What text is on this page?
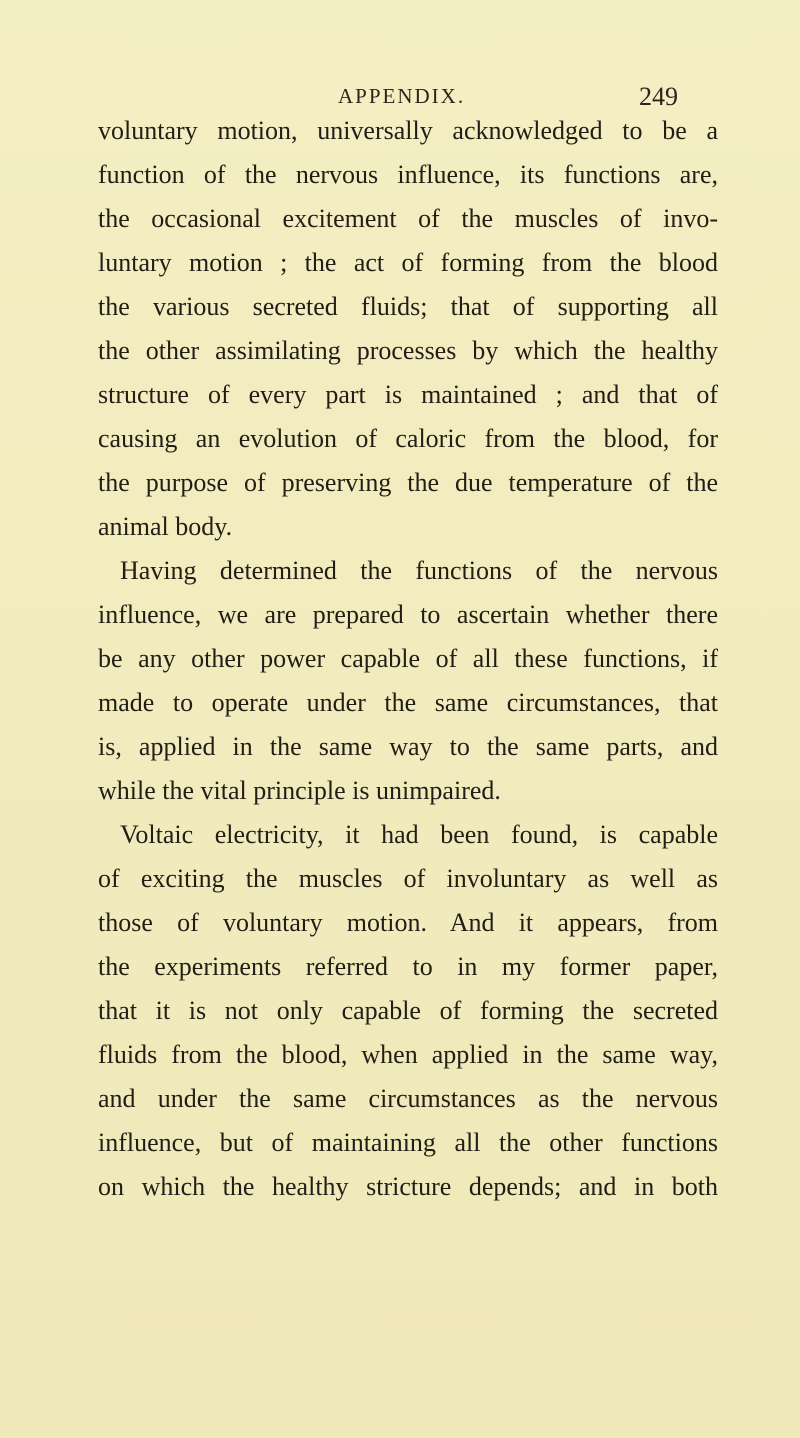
APPENDIX.	249
voluntary motion, universally acknowledged to be a
function of the nervous influence, its functions are,
the occasional excitement of the muscles of invo-
luntary motion ; the act of forming from the blood
the various secreted fluids; that of supporting all
the other assimilating processes by which the healthy
structure of every part is maintained ; and that of
causing an evolution of caloric from the blood, for
the purpose of preserving the due temperature of the
animal body.
Having determined the functions of the nervous
influence, we are prepared to ascertain whether there
be any other power capable of all these functions, if
made to operate under the same circumstances, that
is, applied in the same way to the same parts, and
while the vital principle is unimpaired.
Voltaic electricity, it had been found, is capable
of exciting the muscles of involuntary as well as
those of voluntary motion. And it appears, from
the experiments referred to in my former paper,
that it is not only capable of forming the secreted
fluids from the blood, when applied in the same way,
and under the same circumstances as the nervous
influence, but of maintaining all the other functions
on which the healthy stricture depends; and in both
